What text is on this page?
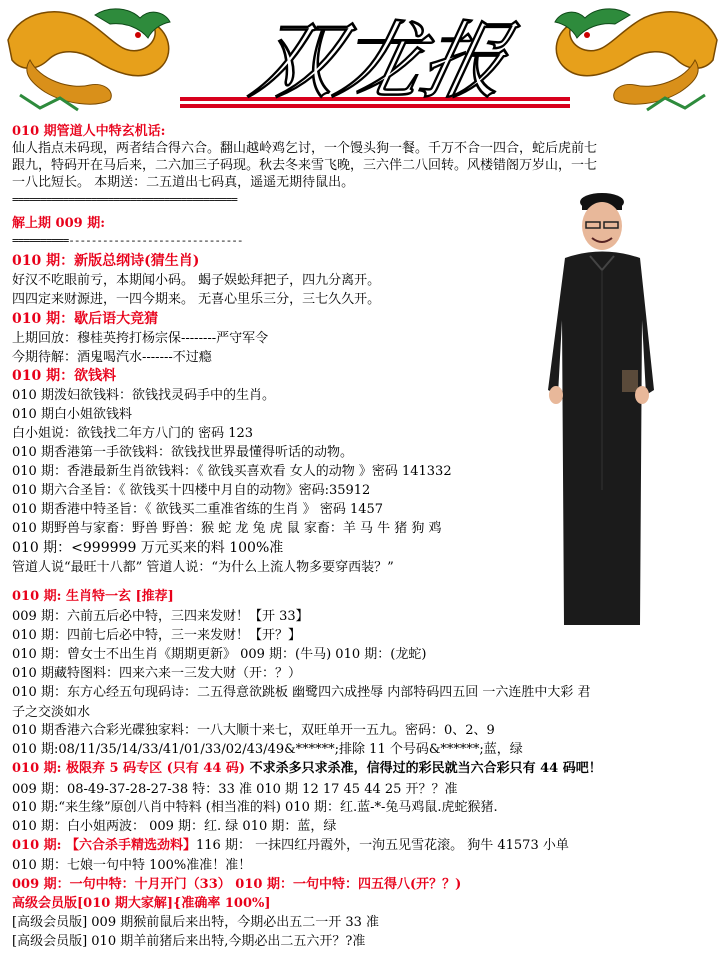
双龙报
010 期管道人中特玄机话:
仙人指点未码现，两者结合得六合。翻山越岭鸡乞讨，一个馒头狗一餐。千万不合一四合，蛇后虎前七
跟九，特码开在马后来，二六加三子码现。秋去冬来雪飞晚，三六伴二八回转。风楼错阁万岁山，一七
一八比短长。 本期送：二五道出七码真，遥遥无期待鼠出。
========================================
解上期 009 期:
==========-------------------------------
010 期：新版总纲诗(猜生肖)
好汉不吃眼前亏，本期闻小码。 蝎子娱蚣拜把子，四九分离开。
四四定来财源进，一四今期来。 无喜心里乐三分，三七久久开。
010 期：歇后语大竞猜
上期回放：穆桂英挎打杨宗保--------严守军令
今期待解：酒鬼喝汽水-------不过瘾
010 期：欲钱料
010 期泼妇欲钱料：欲钱找灵码手中的生肖。
010 期白小姐欲钱料
白小姐说：欲钱找二年方八门的 密码 123
010 期香港第一手欲钱料：欲钱找世界最懂得听话的动物。
010 期：香港最新生肖欲钱料：《 欲钱买喜欢看 女人的动物 》密码 141332
010 期六合圣旨：《 欲钱买十四楼中月自的动物》密码:35912
010 期香港中特圣旨：《 欲钱买二重准省练的生肖 》 密码 1457
010 期野兽与家畜：野兽 野兽：猴 蛇 龙 兔 虎 鼠 家畜：羊 马 牛 猪 狗 鸡
010 期：<999999 万元买来的料 100%准
管道人说“最旺十八都” 管道人说：“为什么上流人物多要穿西装？”
010 期: 生肖特一玄 [推荐]
009 期：六前五后必中特，三四来发财！【开 33】
010 期：四前七后必中特，三一来发财！【开？】
010 期：曾女士不出生肖《期期更新》 009 期：(牛马) 010 期：(龙蛇)
010 期藏特图料：四来六来一三发大财（开：？）
010 期：东方心经五句现码诗：二五得意欲跳板 幽鹭四六成挫辱 内部特码四五回 一六连胜中大彩 君
子之交淡如水
010 期香港六合彩光碟独家料：一八大顺十来七，双旺单开一五九。密码：0、2、9
010 期:08/11/35/14/33/41/01/33/02/43/49&******;排除 11 个号码&******;蓝，绿
010 期: 极限弃 5 码专区 (只有 44 码) 不求杀多只求杀准，信得过的彩民就当六合彩只有 44 码吧！
009 期：08-49-37-28-27-38 特：33 准 010 期 12 17 45 44 25 开？？准
010 期:“来生缘”原创八肖中特料 (相当准的料) 010 期：红.蓝-*-兔马鸡鼠.虎蛇猴猪.
010 期：白小姐两波： 009 期：红. 绿 010 期：蓝，绿
010 期: 【六合杀手精选劲料】116 期： 一抹四红丹霞外，一泃五见雪花滚。 狗牛 41573 小单
010 期：七娘一句中特 100%准准！准！
009 期：一句中特：十月开门（33） 010 期：一句中特：四五得八(开？？)
高级会员版[010 期大家解]{准确率 100%]
[高级会员版] 009 期猴前鼠后来出特，今期必出五二一开 33 准
[高级会员版] 010 期羊前猪后来出特,今期必出二五六开？?准
